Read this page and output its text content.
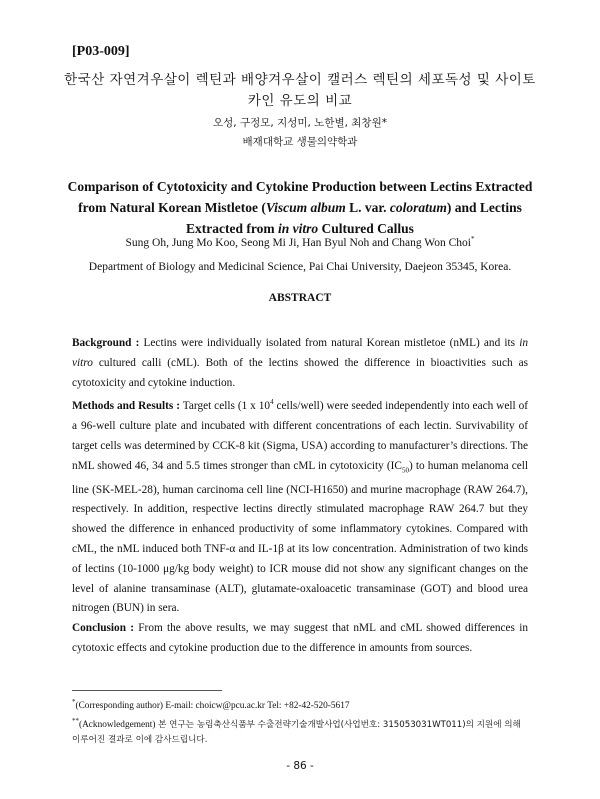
[P03-009]
한국산 자연겨우살이 렉틴과 배양겨우살이 캘러스 렉틴의 세포독성 및 사이토카인 유도의 비교
오성, 구정모, 지성미, 노한별, 최창원*
배재대학교 생물의약학과
Comparison of Cytotoxicity and Cytokine Production between Lectins Extracted from Natural Korean Mistletoe (Viscum album L. var. coloratum) and Lectins Extracted from in vitro Cultured Callus
Sung Oh, Jung Mo Koo, Seong Mi Ji, Han Byul Noh and Chang Won Choi*
Department of Biology and Medicinal Science, Pai Chai University, Daejeon 35345, Korea.
ABSTRACT

Background : Lectins were individually isolated from natural Korean mistletoe (nML) and its in vitro cultured calli (cML). Both of the lectins showed the difference in bioactivities such as cytotoxicity and cytokine induction.

Methods and Results : Target cells (1 x $10^4$ cells/well) were seeded independently into each well of a 96-well culture plate and incubated with different concentrations of each lectin. Survivability of target cells was determined by CCK-8 kit (Sigma, USA) according to manufacturer’s directions. The nML showed 46, 34 and 5.5 times stronger than cML in cytotoxicity $(IC_{50})$ to human melanoma cell line (SK-MEL-28), human carcinoma cell line (NCI-H1650) and murine macrophage (RAW 264.7), respectively. In addition, respective lectins directly stimulated macrophage RAW 264.7 but they showed the difference in enhanced productivity of some inflammatory cytokines. Compared with cML, the nML induced both TNF-α and IL-1β at its low concentration. Administration of two kinds of lectins (10-1000 μg/kg body weight) to ICR mouse did not show any significant changes on the level of alanine transaminase (ALT), glutamate-oxaloacetic transaminase (GOT) and blood urea nitrogen (BUN) in sera.

Conclusion : From the above results, we may suggest that nML and cML showed differences in cytotoxic effects and cytokine production due to the difference in amounts from sources.

*(Corresponding author) E-mail: choicw@pcu.ac.kr Tel: +82-42-520-5617

**(Acknowledgement) 본 연구는 농림축산식품부 수출전략기술개발사업(사업번호: 315053031WT011)의 지원에 의해 이루어진 결과로 이에 감사드립니다.

- 86 -
